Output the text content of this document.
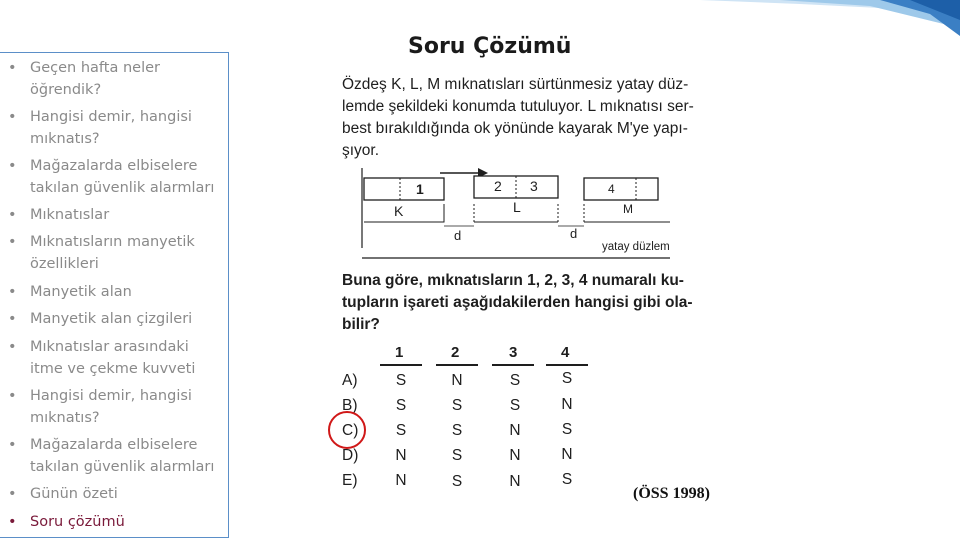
• Geçen hafta neler öğrendik?
• Hangisi demir, hangisi mıknatıs?
• Mağazalarda elbiselere takılan güvenlik alarmları
• Mıknatıslar
• Mıknatısların manyetik özellikleri
• Manyetik alan
• Manyetik alan çizgileri
• Mıknatıslar arasındaki itme ve çekme kuvveti
• Hangisi demir, hangisi mıknatıs?
• Mağazalarda elbiselere takılan güvenlik alarmları
• Günün özeti
• Soru çözümü
Soru Çözümü
Özdeş K, L, M mıknatısları sürtünmesiz yatay düz-
lemde şekildeki konumda tutuluyor. L mıknatısı ser-
best bırakıldığında ok yönünde kayarak M'ye yapı-
şıyor.
1	2 3	4
K	L	M
d	d
yatay düzlem
Buna göre, mıknatısların 1, 2, 3, 4 numaralı ku-
tupların işareti aşağıdakilerden hangisi gibi ola-
bilir?
1	2	3	4
A)	S	N	S	S
B)	S	S	S	N
C)	S	S	N	S
D)	N	S	N	N
E)	N	S	N	S
(ÖSS 1998)
